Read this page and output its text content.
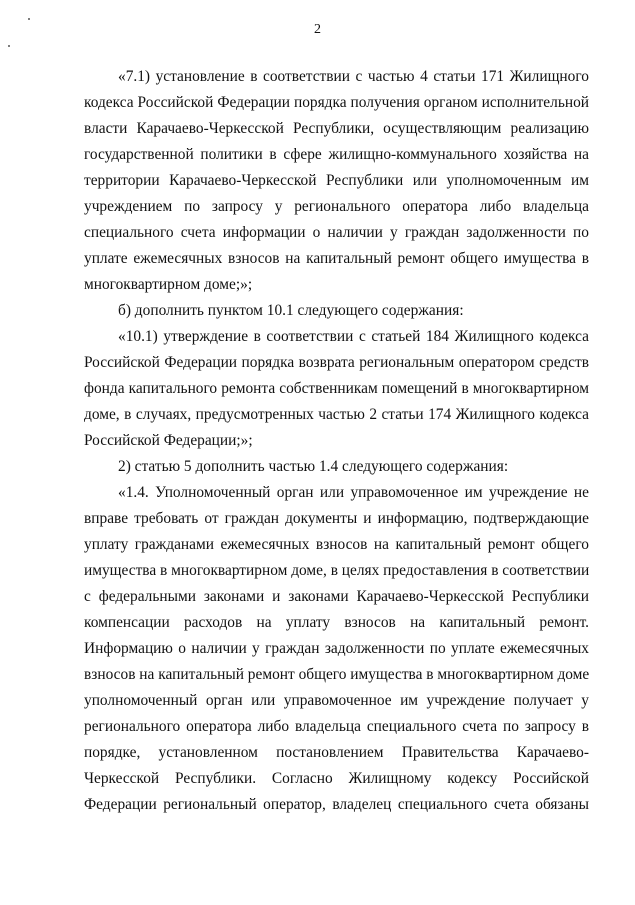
2
«7.1) установление в соответствии с частью 4 статьи 171 Жилищного
кодекса Российской Федерации порядка получения органом исполнительной
власти Карачаево-Черкесской Республики, осуществляющим реализацию
государственной политики в сфере жилищно-коммунального хозяйства на
территории Карачаево-Черкесской Республики или уполномоченным им
учреждением по запросу у регионального оператора либо владельца
специального счета информации о наличии у граждан задолженности по
уплате ежемесячных взносов на капитальный ремонт общего имущества в
многоквартирном доме;»;
б) дополнить пунктом 10.1 следующего содержания:
«10.1) утверждение в соответствии с статьей 184 Жилищного кодекса
Российской Федерации порядка возврата региональным оператором средств
фонда капитального ремонта собственникам помещений в многоквартирном
доме, в случаях, предусмотренных частью 2 статьи 174 Жилищного кодекса
Российской Федерации;»;
2) статью 5 дополнить частью 1.4 следующего содержания:
«1.4. Уполномоченный орган или управомоченное им учреждение не
вправе требовать от граждан документы и информацию, подтверждающие
уплату гражданами ежемесячных взносов на капитальный ремонт общего
имущества в многоквартирном доме, в целях предоставления в соответствии
с федеральными законами и законами Карачаево-Черкесской Республики
компенсации расходов на уплату взносов на капитальный ремонт.
Информацию о наличии у граждан задолженности по уплате ежемесячных
взносов на капитальный ремонт общего имущества в многоквартирном доме
уполномоченный орган или управомоченное им учреждение получает у
регионального оператора либо владельца специального счета по запросу в
порядке, установленном постановлением Правительства Карачаево-
Черкесской Республики. Согласно Жилищному кодексу Российской
Федерации региональный оператор, владелец специального счета обязаны
